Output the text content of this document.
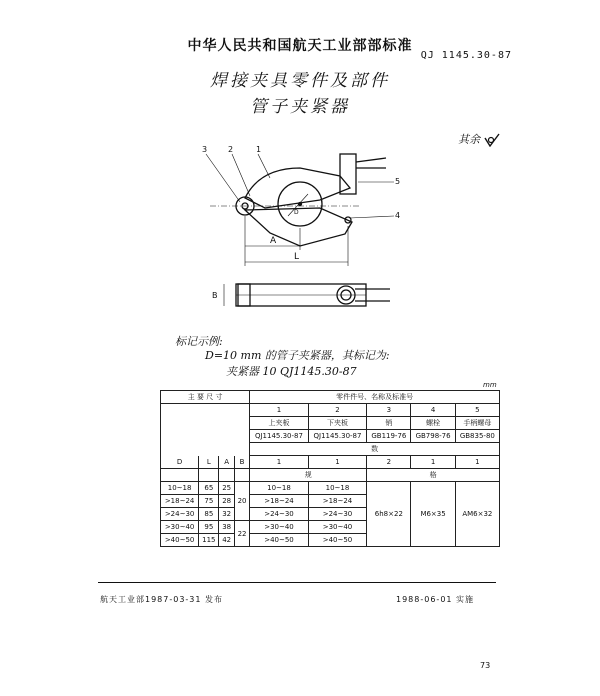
中华人民共和国航天工业部部标准
QJ 1145.30-87
焊接夹具零件及部件
管子夹紧器
其余
3	2	1
5
4
A
L
D
B
标记示例:
D=10 mm 的管子夹紧器，其标记为:
夹紧器 10 QJ1145.30-87
mm
主 要 尺 寸				零件件号、名称及标准号				
				1	2	3	4	5
				上夹板	下夹板	销	螺栓	手柄螺母
				QJ1145.30-87	QJ1145.30-87	GB119-76	GB798-76	GB835-80
				数				
D	L	A	B	1	1	2	1	1
				规		格		
10~18	65	25	20	10~18	10~18	6h8×22	M6×35	AM6×32
>18~24	75	28		>18~24	>18~24			
>24~30	85	32		>24~30	>24~30			
>30~40	95	38	22	>30~40	>30~40			
>40~50	115	42		>40~50	>40~50			
航天工业部1987-03-31 发布	1988-06-01 实施
73
